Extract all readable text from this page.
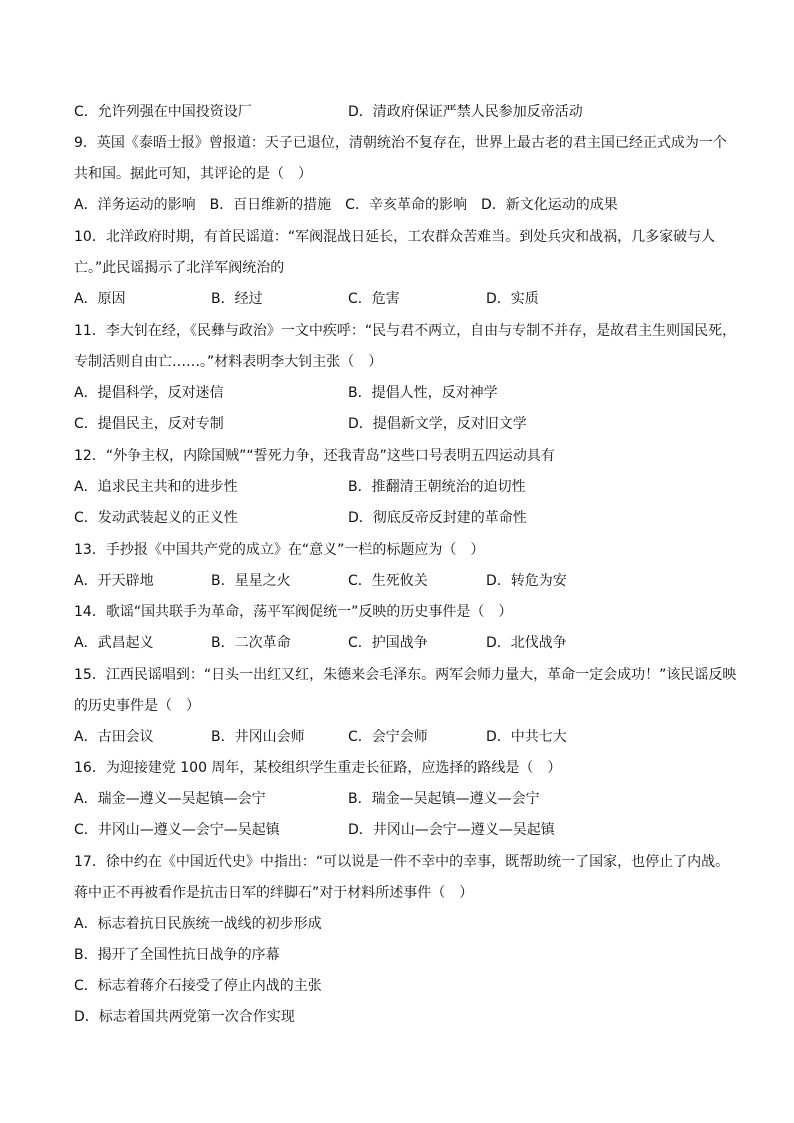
C．允许列强在中国投资设厂	D．清政府保证严禁人民参加反帝活动
9．英国《泰晤士报》曾报道：天子已退位，清朝统治不复存在，世界上最古老的君主国已经正式成为一个
共和国。据此可知，其评论的是（　）
A．洋务运动的影响　B．百日维新的措施　C．辛亥革命的影响　D．新文化运动的成果
10．北洋政府时期，有首民谣道：“军阀混战日延长，工农群众苦难当。到处兵灾和战祸，几多家破与人
亡。”此民谣揭示了北洋军阀统治的
A．原因	B．经过	C．危害	D．实质
11．李大钊在经，《民彝与政治》一文中疾呼：“民与君不两立，自由与专制不并存，是故君主生则国民死，
专制活则自由亡……。”材料表明李大钊主张（　）
A．提倡科学，反对迷信	B．提倡人性，反对神学
C．提倡民主，反对专制	D．提倡新文学，反对旧文学
12．“外争主权，内除国贼”“誓死力争，还我青岛”这些口号表明五四运动具有
A．追求民主共和的进步性	B．推翻清王朝统治的迫切性
C．发动武装起义的正义性	D．彻底反帝反封建的革命性
13．手抄报《中国共产党的成立》在“意义”一栏的标题应为（　）
A．开天辟地	B．星星之火	C．生死攸关	D．转危为安
14．歌谣“国共联手为革命，荡平军阀促统一”反映的历史事件是（　）
A．武昌起义	B．二次革命	C．护国战争	D．北伐战争
15．江西民谣唱到：“日头一出红又红，朱德来会毛泽东。两军会师力量大，革命一定会成功！”该民谣反映
的历史事件是（　）
A．古田会议	B．井冈山会师	C．会宁会师	D．中共七大
16．为迎接建党 100 周年，某校组织学生重走长征路，应选择的路线是（　）
A．瑞金—遵义—吴起镇—会宁	B．瑞金—吴起镇—遵义—会宁
C．井冈山—遵义—会宁—吴起镇	D．井冈山—会宁—遵义—吴起镇
17．徐中约在《中国近代史》中指出：“可以说是一件不幸中的幸事，既帮助统一了国家，也停止了内战。
蒋中正不再被看作是抗击日军的绊脚石”对于材料所述事件（　）
A．标志着抗日民族统一战线的初步形成
B．揭开了全国性抗日战争的序幕
C．标志着蒋介石接受了停止内战的主张
D．标志着国共两党第一次合作实现
